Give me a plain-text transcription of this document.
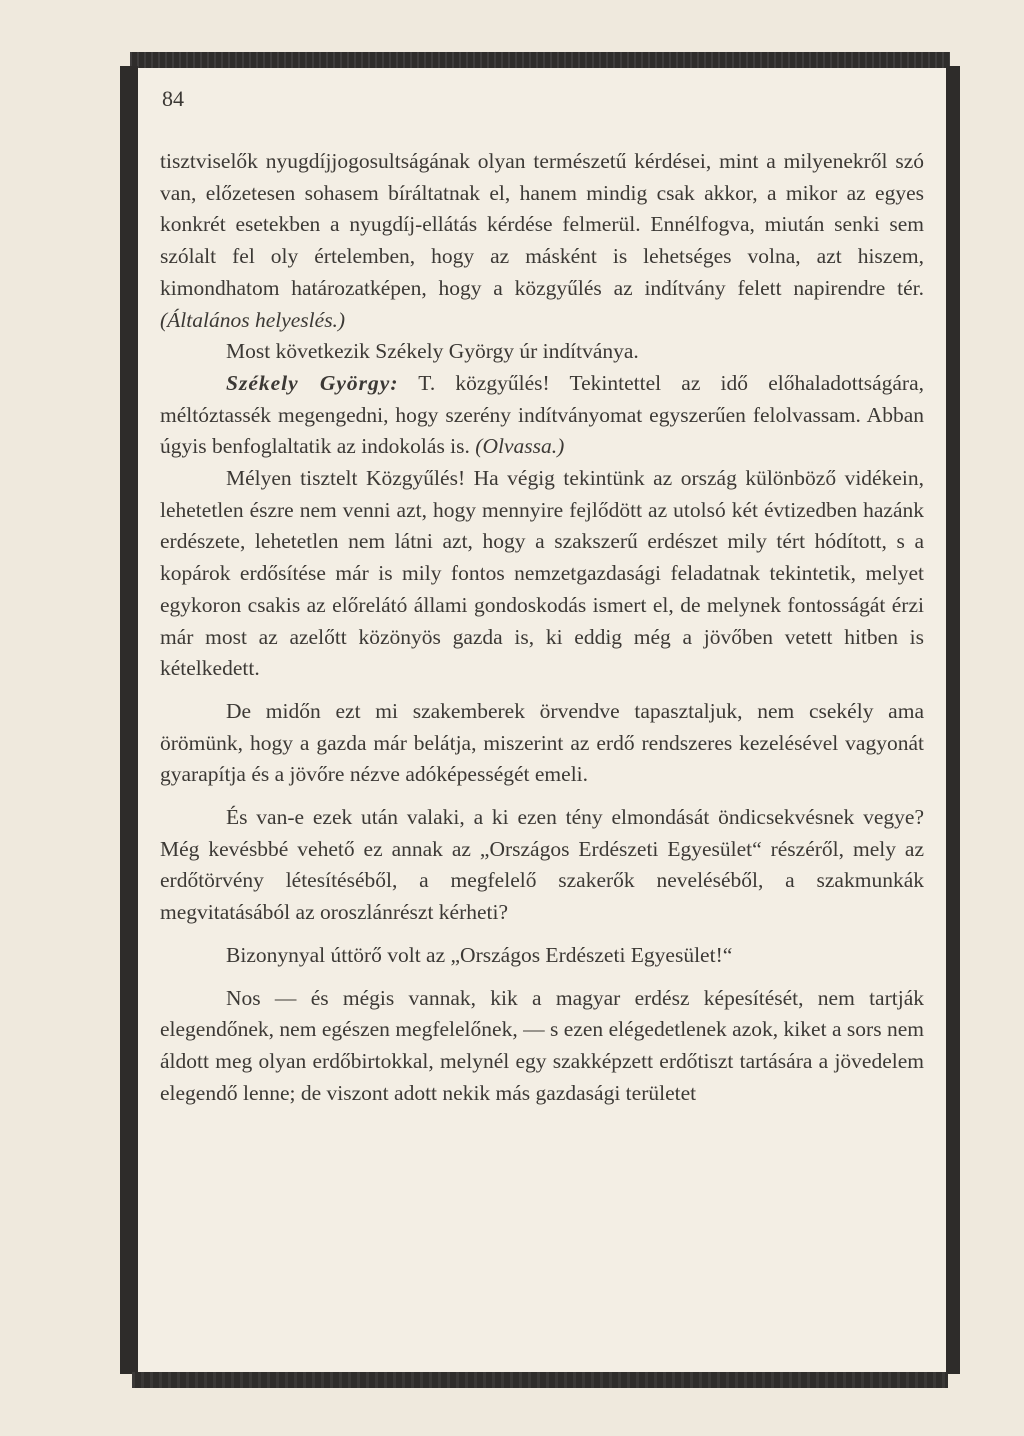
84

tisztviselők nyugdíjjogosultságának olyan természetű kérdései, mint a milyenekről szó van, előzetesen sohasem bíráltatnak el, hanem mindig csak akkor, a mikor az egyes konkrét esetekben a nyugdíj-ellátás kérdése felmerül. Ennélfogva, miután senki sem szólalt fel oly értelemben, hogy az másként is lehetséges volna, azt hiszem, kimondhatom határozatképen, hogy a közgyűlés az indítvány felett napirendre tér. (Általános helyeslés.)

Most következik Székely György úr indítványa.

Székely György: T. közgyűlés! Tekintettel az idő előhaladottságára, méltóztassék megengedni, hogy szerény indítványomat egyszerűen felolvassam. Abban úgyis benfoglaltatik az indokolás is. (Olvassa.)

Mélyen tisztelt Közgyűlés! Ha végig tekintünk az ország különböző vidékein, lehetetlen észre nem venni azt, hogy mennyire fejlődött az utolsó két évtizedben hazánk erdészete, lehetetlen nem látni azt, hogy a szakszerű erdészet mily tért hódított, s a kopárok erdősítése már is mily fontos nemzetgazdasági feladatnak tekintetik, melyet egykoron csakis az előrelátó állami gondoskodás ismert el, de melynek fontosságát érzi már most az azelőtt közönyös gazda is, ki eddig még a jövőben vetett hitben is kételkedett.

De midőn ezt mi szakemberek örvendve tapasztaljuk, nem csekély ama örömünk, hogy a gazda már belátja, miszerint az erdő rendszeres kezelésével vagyonát gyarapítja és a jövőre nézve adóképességét emeli.

És van-e ezek után valaki, a ki ezen tény elmondását öndicsekvésnek vegye? Még kevésbbé vehető ez annak az „Országos Erdészeti Egyesület“ részéről, mely az erdőtörvény létesítéséből, a megfelelő szakerők neveléséből, a szakmunkák megvitatásából az oroszlánrészt kérheti?

Bizonynyal úttörő volt az „Országos Erdészeti Egyesület!“

Nos — és mégis vannak, kik a magyar erdész képesítését, nem tartják elegendőnek, nem egészen megfelelőnek, — s ezen elégedetlenek azok, kiket a sors nem áldott meg olyan erdőbirtokkal, melynél egy szakképzett erdőtiszt tartására a jövedelem elegendő lenne; de viszont adott nekik más gazdasági területet
